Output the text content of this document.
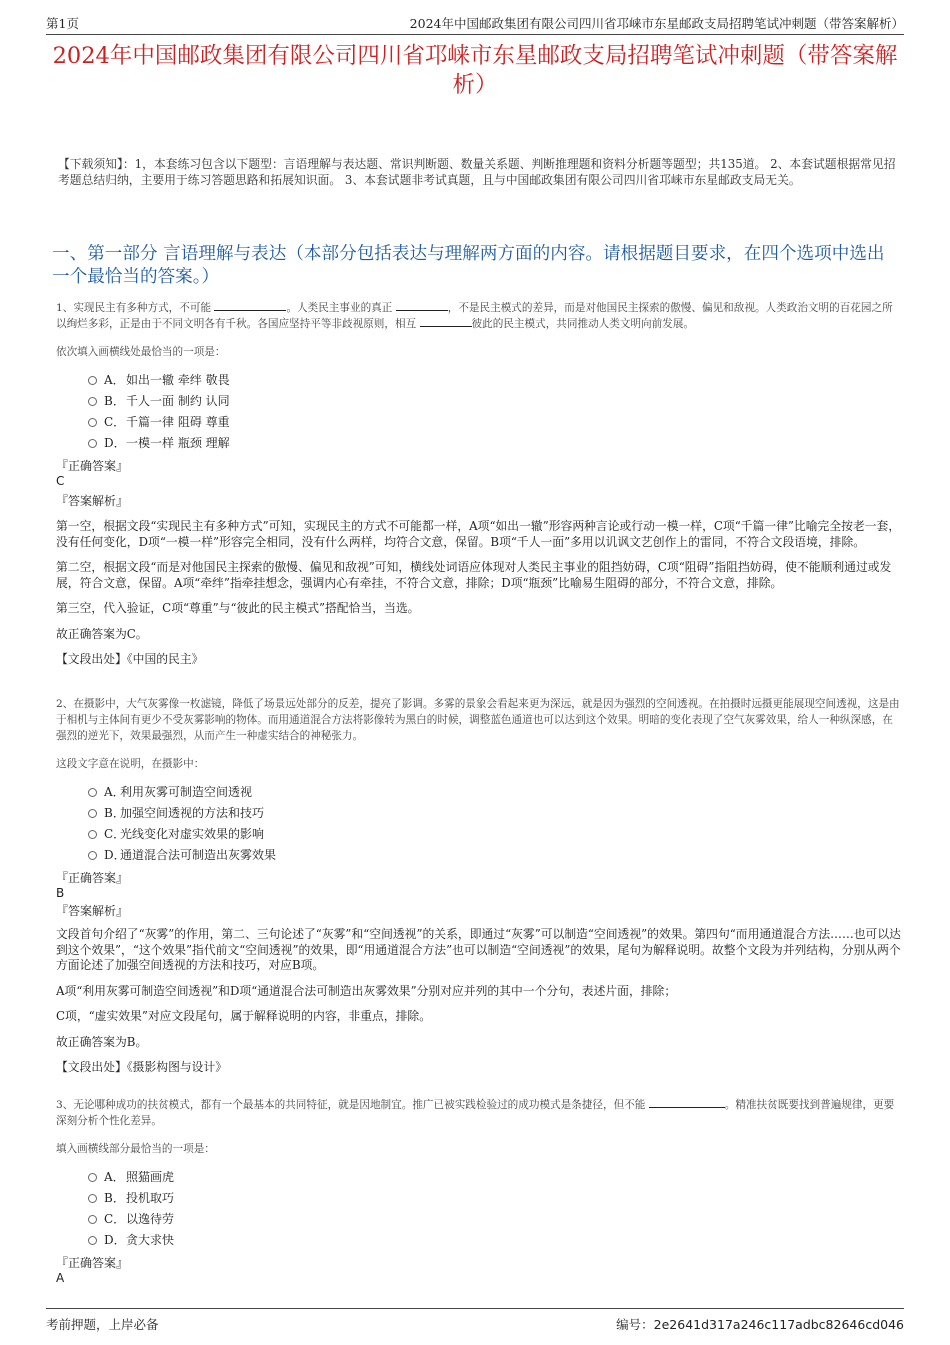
第1页	2024年中国邮政集团有限公司四川省邛崃市东星邮政支局招聘笔试冲刺题（带答案解析）
2024年中国邮政集团有限公司四川省邛崃市东星邮政支局招聘笔试冲刺题（带答案解析）
【下载须知】：1，本套练习包含以下题型：言语理解与表达题、常识判断题、数量关系题、判断推理题和资料分析题等题型；共135道。 2、本套试题根据常见招考题总结归纳，主要用于练习答题思路和拓展知识面。 3、本套试题非考试真题，且与中国邮政集团有限公司四川省邛崃市东星邮政支局无关。
一、第一部分 言语理解与表达（本部分包括表达与理解两方面的内容。请根据题目要求，在四个选项中选出一个最恰当的答案。）

1、实现民主有多种方式，不可能	。人类民主事业的真正	，不是民主模式的差异，而是对他国民主探索的傲慢、偏见和敌视。人类政治文明的百花园之所以绚烂多彩，正是由于不同文明各有千秋。各国应坚持平等非歧视原则，相互	彼此的民主模式，共同推动人类文明向前发展。

依次填入画横线处最恰当的一项是：

A． 如出一辙 牵绊 敬畏
B． 千人一面 制约 认同
C． 千篇一律 阻碍 尊重
D． 一模一样 瓶颈 理解

『正确答案』

C

『答案解析』

第一空，根据文段“实现民主有多种方式”可知，实现民主的方式不可能都一样，A项“如出一辙”形容两种言论或行动一模一样，C项“千篇一律”比喻完全按老一套，没有任何变化，D项“一模一样”形容完全相同，没有什么两样，均符合文意，保留。B项“千人一面”多用以讥讽文艺创作上的雷同，不符合文段语境，排除。

第二空，根据文段“而是对他国民主探索的傲慢、偏见和敌视”可知，横线处词语应体现对人类民主事业的阻挡妨碍，C项“阻碍”指阻挡妨碍，使不能顺利通过或发展，符合文意，保留。A项“牵绊”指牵挂想念，强调内心有牵挂，不符合文意，排除；D项“瓶颈”比喻易生阻碍的部分，不符合文意，排除。

第三空，代入验证，C项“尊重”与“彼此的民主模式”搭配恰当，当选。

故正确答案为C。

【文段出处】《中国的民主》

2、在摄影中，大气灰雾像一枚滤镜，降低了场景远处部分的反差，提亮了影调。多雾的景象会看起来更为深远，就是因为强烈的空间透视。在拍摄时远摄更能展现空间透视，这是由于相机与主体间有更少不受灰雾影响的物体。而用通道混合方法将影像转为黑白的时候，调整蓝色通道也可以达到这个效果。明暗的变化表现了空气灰雾效果，给人一种纵深感，在强烈的逆光下，效果最强烈，从而产生一种虚实结合的神秘张力。

这段文字意在说明，在摄影中：

A．
利用灰雾可制造空间透视
B．
加强空间透视的方法和技巧
C．
光线变化对虚实效果的影响
D．
通道混合法可制造出灰雾效果

『正确答案』

B

『答案解析』

文段首句介绍了“灰雾”的作用，第二、三句论述了“灰雾”和“空间透视”的关系，即通过“灰雾”可以制造“空间透视”的效果。第四句“而用通道混合方法……也可以达到这个效果”，“这个效果”指代前文“空间透视”的效果，即“用通道混合方法”也可以制造“空间透视”的效果，尾句为解释说明。故整个文段为并列结构，分别从两个方面论述了加强空间透视的方法和技巧，对应B项。

A项“利用灰雾可制造空间透视”和D项“通道混合法可制造出灰雾效果”分别对应并列的其中一个分句，表述片面，排除；

C项，“虚实效果”对应文段尾句，属于解释说明的内容，非重点，排除。

故正确答案为B。

【文段出处】《摄影构图与设计》

3、无论哪种成功的扶贫模式，都有一个最基本的共同特征，就是因地制宜。推广已被实践检验过的成功模式是条捷径，但不能	。精准扶贫既要找到普遍规律，更要深刻分析个性化差异。

填入画横线部分最恰当的一项是：

A． 照猫画虎
B． 投机取巧
C． 以逸待劳
D． 贪大求快

『正确答案』

A

考前押题，上岸必备	编号：2e2641d317a246c117adbc82646cd046
